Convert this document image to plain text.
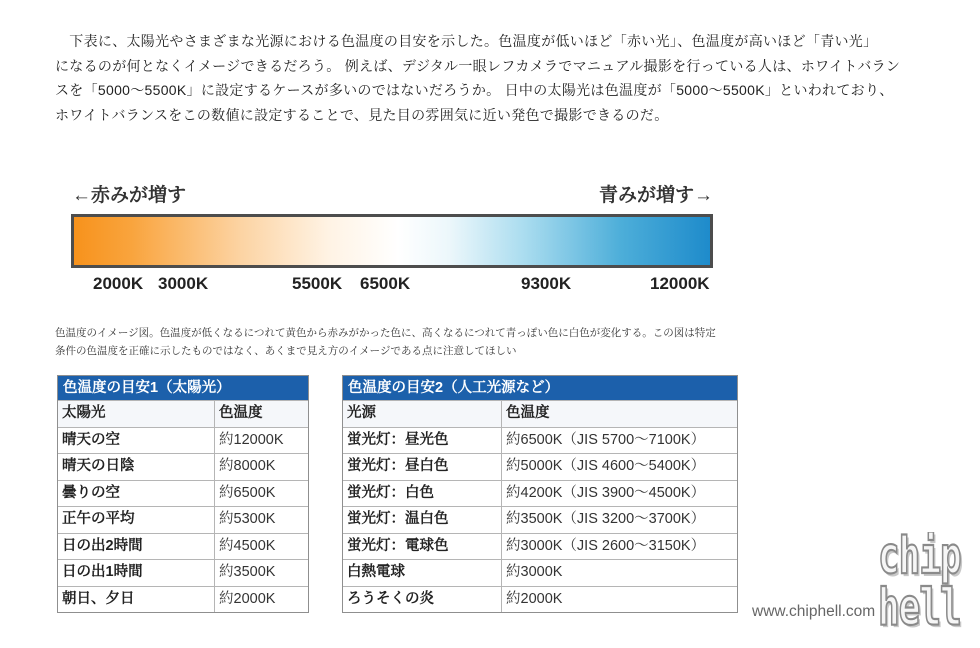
　下表に、太陽光やさまざまな光源における色温度の目安を示した。色温度が低いほど「赤い光」、色温度が高いほど「青い光」
になるのが何となくイメージできるだろう。 例えば、デジタル一眼レフカメラでマニュアル撮影を行っている人は、ホワイトバラン
スを「5000～5500K」に設定するケースが多いのではないだろうか。 日中の太陽光は色温度が「5000～5500K」といわれており、
ホワイトバランスをこの数値に設定することで、見た目の雰囲気に近い発色で撮影できるのだ。
←赤みが増す	青みが増す→
2000K 3000K	5500K 6500K	9300K	12000K
色温度のイメージ図。色温度が低くなるにつれて黄色から赤みがかった色に、高くなるにつれて青っぽい色に白色が変化する。この図は特定
条件の色温度を正確に示したものではなく、あくまで見え方のイメージである点に注意してほしい
色温度の目安1（太陽光）
太陽光	色温度
晴天の空	約12000K
晴天の日陰	約8000K
曇りの空	約6500K
正午の平均	約5300K
日の出2時間	約4500K
日の出1時間	約3500K
朝日、夕日	約2000K
色温度の目安2（人工光源など）
光源	色温度
蛍光灯：昼光色	約6500K（JIS 5700～7100K）
蛍光灯：昼白色	約5000K（JIS 4600～5400K）
蛍光灯：白色	約4200K（JIS 3900～4500K）
蛍光灯：温白色	約3500K（JIS 3200～3700K）
蛍光灯：電球色	約3000K（JIS 2600～3150K）
白熱電球	約3000K
ろうそくの炎	約2000K
www.chiphell.com
chip
hell
